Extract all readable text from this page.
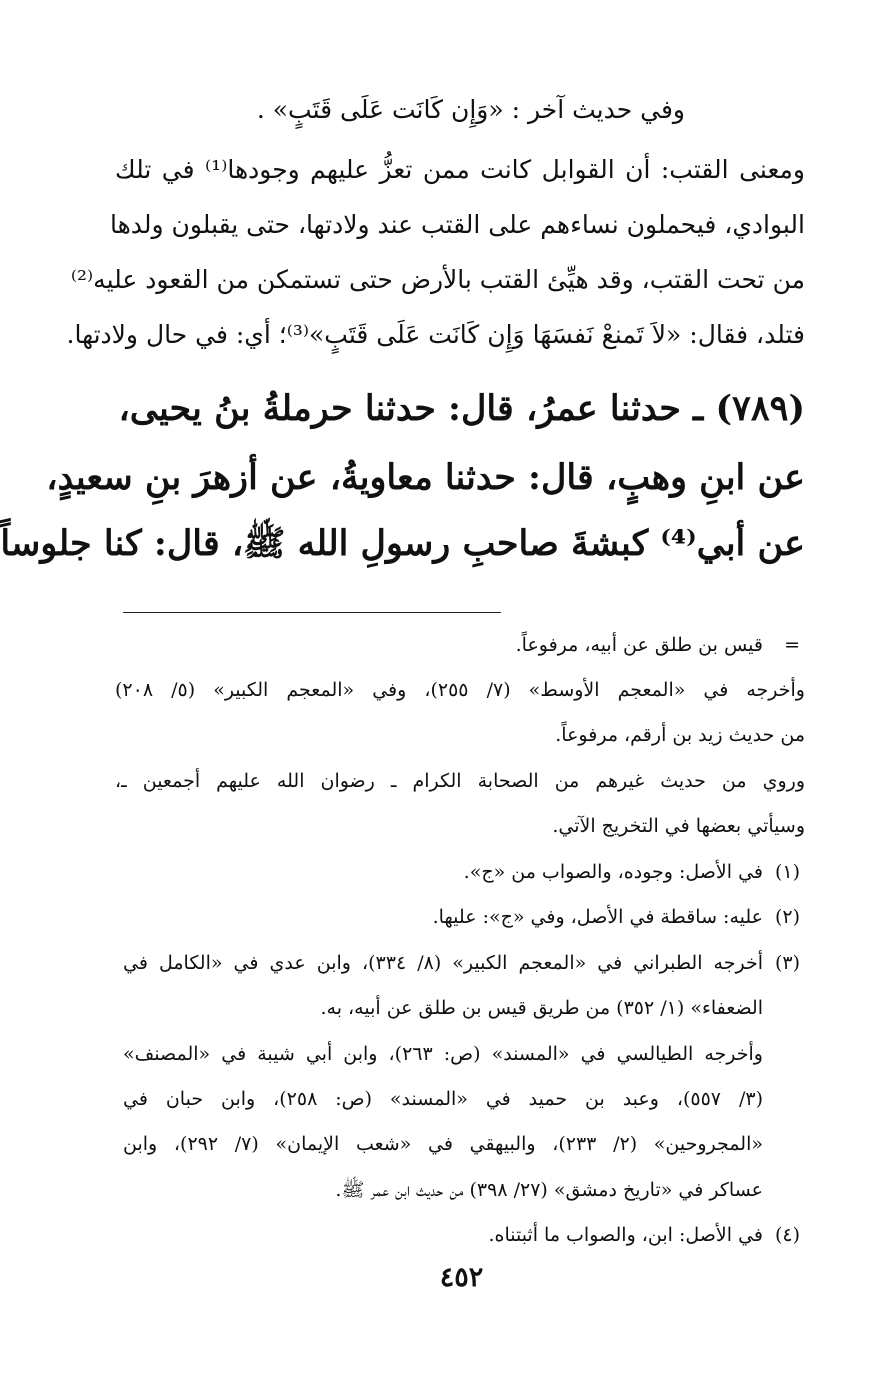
وفي حديث آخر : «وَإِن كَانَت عَلَى قَتَبٍ» .
ومعنى القتب: أن القوابل كانت ممن تعزُّ عليهم وجودها⁽¹⁾ في تلك
البوادي، فيحملون نساءهم على القتب عند ولادتها، حتى يقبلون ولدها
من تحت القتب، وقد هيِّئ القتب بالأرض حتى تستمكن من القعود عليه⁽²⁾
فتلد، فقال: «لاَ تَمنعْ نَفسَهَا وَإِن كَانَت عَلَى قَتَبٍ»⁽³⁾؛ أي: في حال ولادتها.
(٧٨٩) ـ حدثنا عمرُ، قال: حدثنا حرملةُ بنُ يحيى،
عن ابنِ وهبٍ، قال: حدثنا معاويةُ، عن أزهرَ بنِ سعيدٍ،
عن أبي⁽⁴⁾ كبشةَ صاحبِ رسولِ الله ﷺ، قال: كنا جلوساً
=
قيس بن طلق عن أبيه، مرفوعاً.
وأخرجه في «المعجم الأوسط» (٧/ ٢٥٥)، وفي «المعجم الكبير» (٥/ ٢٠٨)
من حديث زيد بن أرقم، مرفوعاً.
وروي من حديث غيرهم من الصحابة الكرام ـ رضوان الله عليهم أجمعين ـ،
وسيأتي بعضها في التخريج الآتي.
(١)
في الأصل: وجوده، والصواب من «ج».
(٢)
عليه: ساقطة في الأصل، وفي «ج»: عليها.
(٣)
أخرجه الطبراني في «المعجم الكبير» (٨/ ٣٣٤)، وابن عدي في «الكامل في
الضعفاء» (١/ ٣٥٢) من طريق قيس بن طلق عن أبيه، به.
وأخرجه الطيالسي في «المسند» (ص: ٢٦٣)، وابن أبي شيبة في «المصنف»
(٣/ ٥٥٧)، وعبد بن حميد في «المسند» (ص: ٢٥٨)، وابن حبان في
«المجروحين» (٢/ ٢٣٣)، والبيهقي في «شعب الإيمان» (٧/ ٢٩٢)، وابن
عساكر في «تاريخ دمشق» (٢٧/ ٣٩٨) من حديث ابن عمر ﷺ.
(٤)
في الأصل: ابن، والصواب ما أثبتناه.
٤٥٢
